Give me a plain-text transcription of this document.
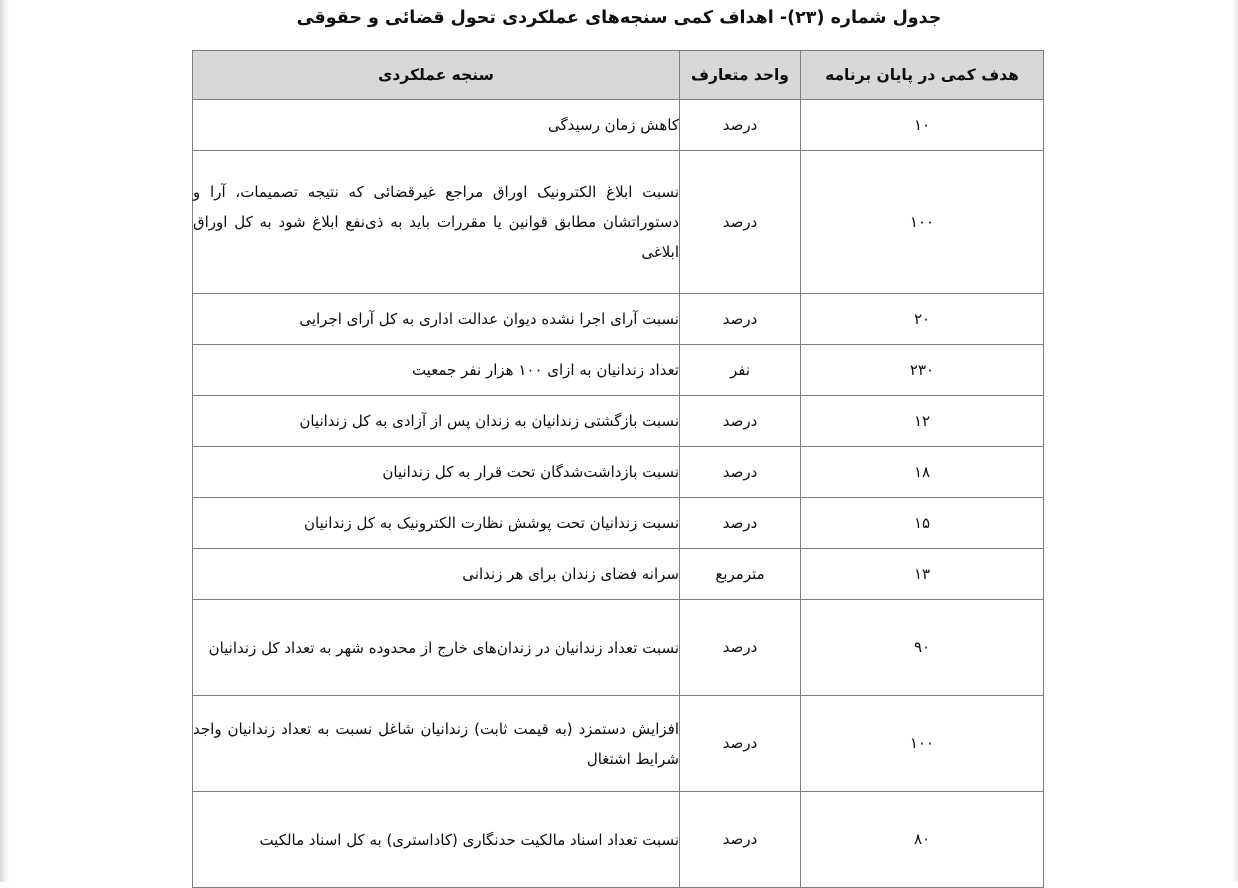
جدول شماره (۲۳)- اهداف کمی سنجه‌های عملکردی تحول قضائی و حقوقی
هدف کمی در پایان برنامه	واحد متعارف	سنجه عملکردی
۱۰	درصد	کاهش زمان رسیدگی
۱۰۰	درصد	نسبت ابلاغ الکترونیک اوراق مراجع غیرقضائی که نتیجه تصمیمات، آرا و دستوراتشان مطابق قوانین یا مقررات باید به ذی‌نفع ابلاغ شود به کل اوراق ابلاغی
۲۰	درصد	نسبت آرای اجرا نشده دیوان عدالت اداری به کل آرای اجرایی
۲۳۰	نفر	تعداد زندانیان به ازای ۱۰۰ هزار نفر جمعیت
۱۲	درصد	نسبت بازگشتی زندانیان به زندان پس از آزادی به کل زندانیان
۱۸	درصد	نسبت بازداشت‌شدگان تحت قرار به کل زندانیان
۱۵	درصد	نسبت زندانیان تحت پوشش نظارت الکترونیک به کل زندانیان
۱۳	مترمربع	سرانه فضای زندان برای هر زندانی
۹۰	درصد	نسبت تعداد زندانیان در زندان‌های خارج از محدوده شهر به تعداد کل زندانیان
۱۰۰	درصد	افزایش دستمزد (به قیمت ثابت) زندانیان شاغل نسبت به تعداد زندانیان واجد شرایط اشتغال
۸۰	درصد	نسبت تعداد اسناد مالکیت حدنگاری (کاداستری) به کل اسناد مالکیت
